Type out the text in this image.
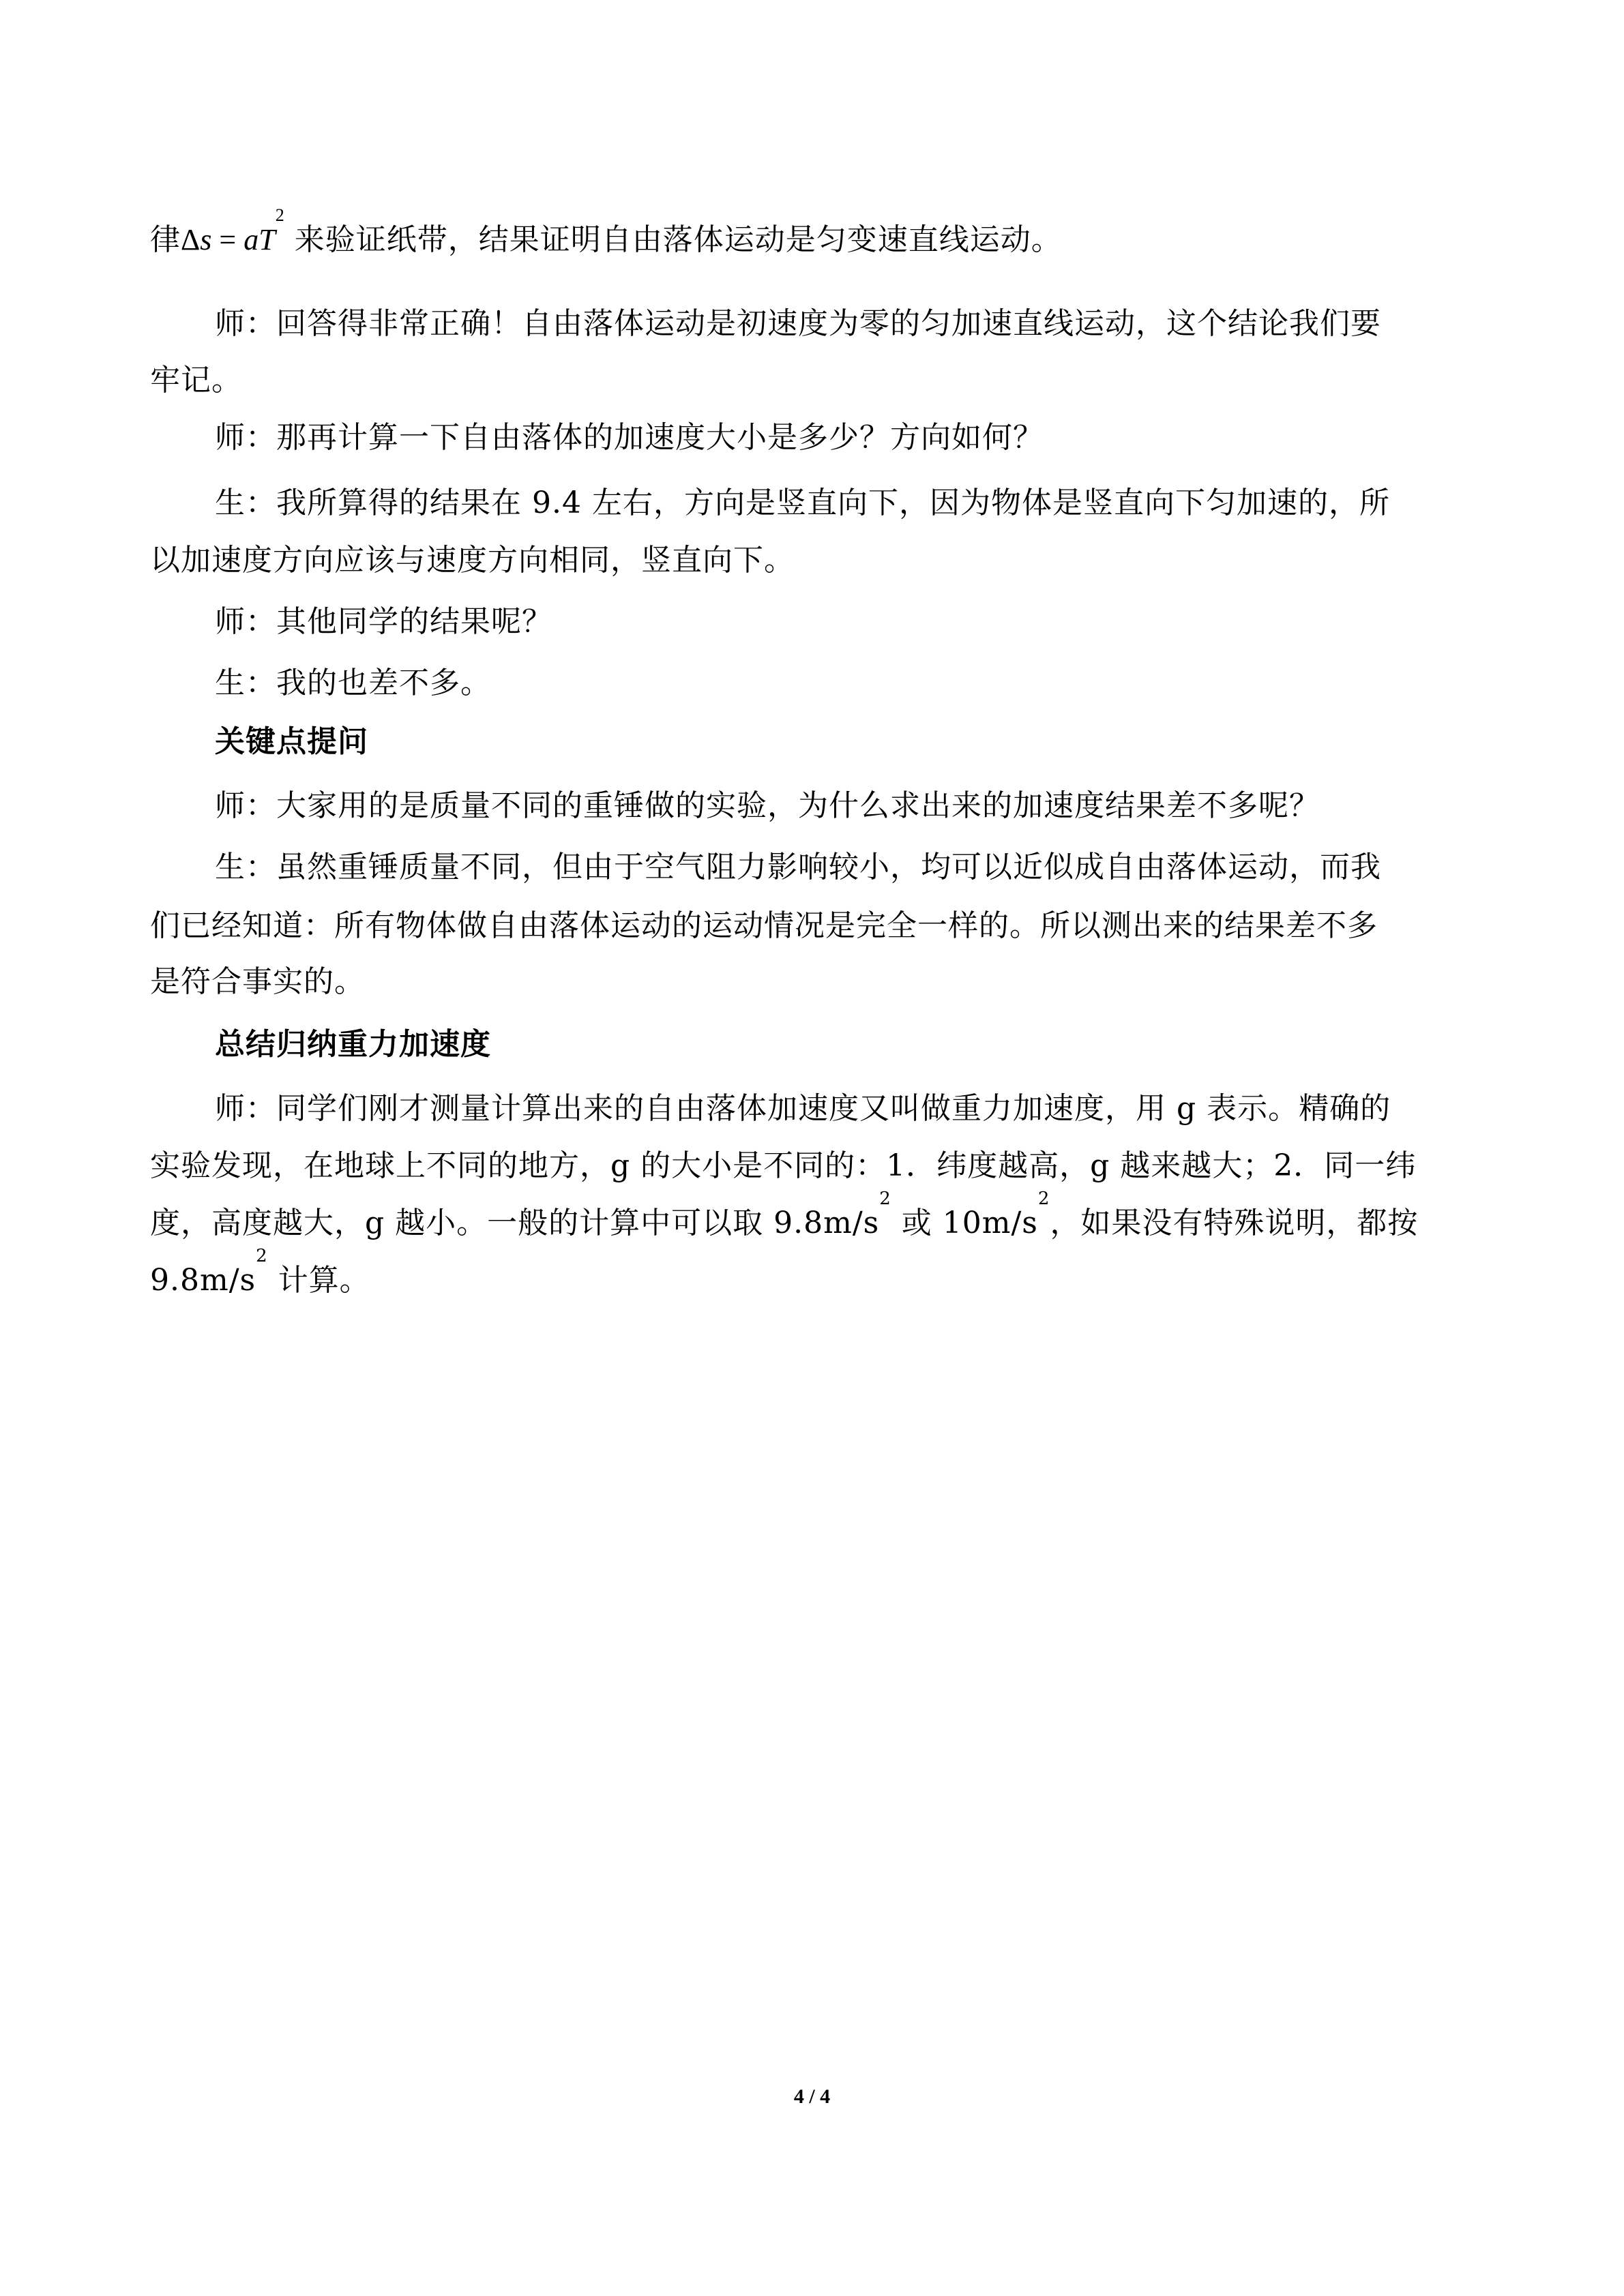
律$\Delta s = aT^2$ 来验证纸带，结果证明自由落体运动是匀变速直线运动。
师：回答得非常正确！自由落体运动是初速度为零的匀加速直线运动，这个结论我们要
牢记。
师：那再计算一下自由落体的加速度大小是多少？方向如何？
生：我所算得的结果在 9.4 左右，方向是竖直向下，因为物体是竖直向下匀加速的，所
以加速度方向应该与速度方向相同，竖直向下。
师：其他同学的结果呢？
生：我的也差不多。
关键点提问
师：大家用的是质量不同的重锤做的实验，为什么求出来的加速度结果差不多呢？
生：虽然重锤质量不同，但由于空气阻力影响较小，均可以近似成自由落体运动，而我
们已经知道：所有物体做自由落体运动的运动情况是完全一样的。所以测出来的结果差不多
是符合事实的。
总结归纳重力加速度
师：同学们刚才测量计算出来的自由落体加速度又叫做重力加速度，用 g 表示。精确的
实验发现，在地球上不同的地方，g 的大小是不同的：1．纬度越高，g 越来越大；2．同一纬
度，高度越大，g 越小。一般的计算中可以取 $9.8m/s^2$ 或 $10m/s^2$，如果没有特殊说明，都按
$9.8m/s^2$ 计算。
4 / 4
